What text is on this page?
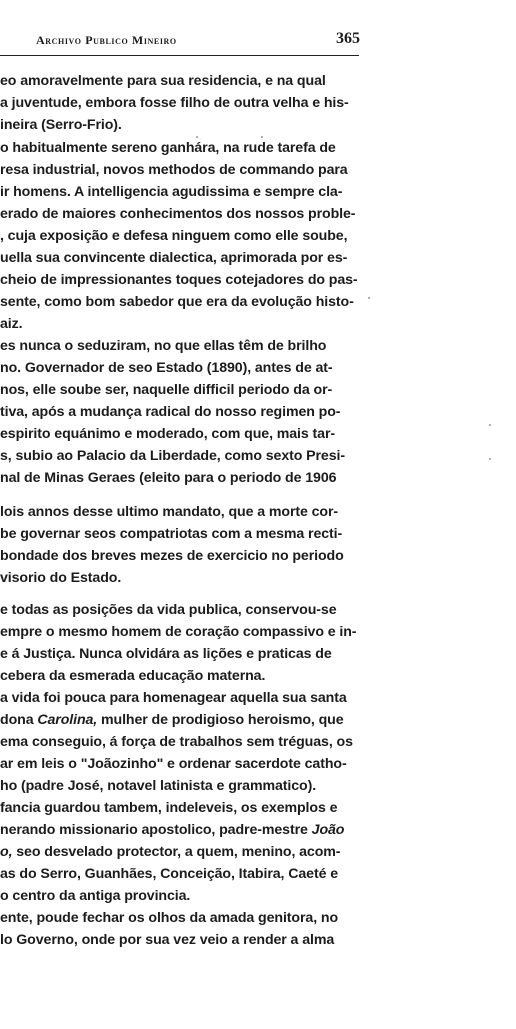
Archivo Publico Mineiro	365
eo amoravelmente para sua residencia, e na qual
a juventude, embora fosse filho de outra velha e his-
ineira (Serro-Frio).
o habitualmente sereno ganhára, na rude tarefa de
resa industrial, novos methodos de commando para
ir homens. A intelligencia agudissima e sempre cla-
erado de maiores conhecimentos dos nossos proble-
, cuja exposição e defesa ninguem como elle soube,
uella sua convincente dialectica, aprimorada por es-
cheio de impressionantes toques cotejadores do pas-
sente, como bom sabedor que era da evolução histo-
aiz.
es nunca o seduziram, no que ellas têm de brilho
no. Governador de seo Estado (1890), antes de at-
nos, elle soube ser, naquelle difficil periodo da or-
tiva, após a mudança radical do nosso regimen po-
espirito equánimo e moderado, com que, mais tar-
s, subio ao Palacio da Liberdade, como sexto Presi-
nal de Minas Geraes (eleito para o periodo de 1906
lois annos desse ultimo mandato, que a morte cor-
be governar seos compatriotas com a mesma recti-
bondade dos breves mezes de exercicio no periodo
visorio do Estado.
e todas as posições da vida publica, conservou-se
empre o mesmo homem de coração compassivo e in-
e á Justiça. Nunca olvidára as lições e praticas de
cebera da esmerada educação materna.
a vida foi pouca para homenagear aquella sua santa
dona Carolina, mulher de prodigioso heroismo, que
ema conseguio, á força de trabalhos sem tréguas, os
ar em leis o "Joãozinho" e ordenar sacerdote catho-
ho (padre José, notavel latinista e grammatico).
fancia guardou tambem, indeleveis, os exemplos e
nerando missionario apostolico, padre-mestre João
o, seo desvelado protector, a quem, menino, acom-
as do Serro, Guanhães, Conceição, Itabira, Caeté e
o centro da antiga provincia.
ente, poude fechar os olhos da amada genitora, no
lo Governo, onde por sua vez veio a render a alma
